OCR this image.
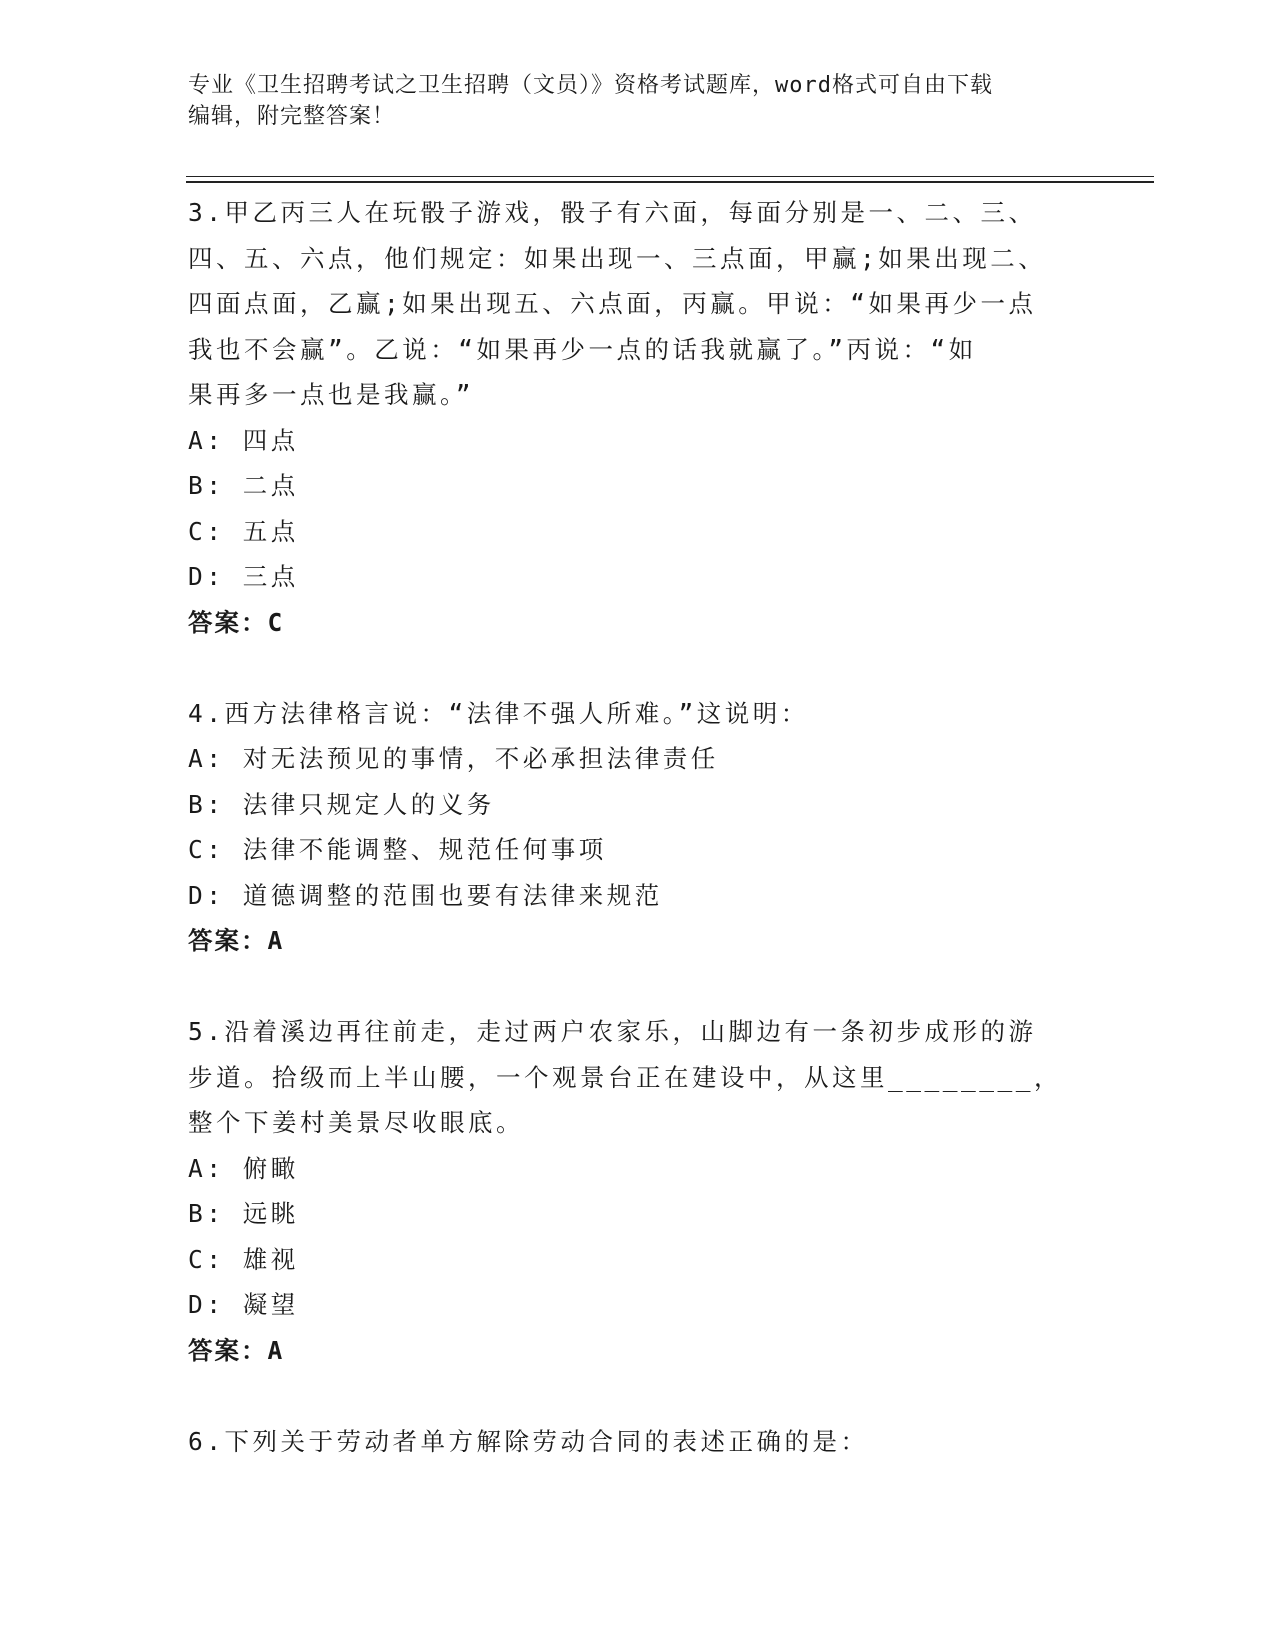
专业《卫生招聘考试之卫生招聘（文员）》资格考试题库，word格式可自由下载
编辑，附完整答案！

3.甲乙丙三人在玩骰子游戏，骰子有六面，每面分别是一、二、三、

四、五、六点，他们规定：如果出现一、三点面，甲赢;如果出现二、

四面点面，乙赢;如果出现五、六点面，丙赢。甲说：“如果再少一点

我也不会赢”。乙说：“如果再少一点的话我就赢了。”丙说：“如

果再多一点也是我赢。”

A: 四点

B: 二点

C: 五点

D: 三点

答案：C

4.西方法律格言说：“法律不强人所难。”这说明：

A: 对无法预见的事情，不必承担法律责任

B: 法律只规定人的义务

C: 法律不能调整、规范任何事项

D: 道德调整的范围也要有法律来规范

答案：A

5.沿着溪边再往前走，走过两户农家乐，山脚边有一条初步成形的游

步道。拾级而上半山腰，一个观景台正在建设中，从这里________，

整个下姜村美景尽收眼底。

A: 俯瞰

B: 远眺

C: 雄视

D: 凝望

答案：A

6.下列关于劳动者单方解除劳动合同的表述正确的是：
